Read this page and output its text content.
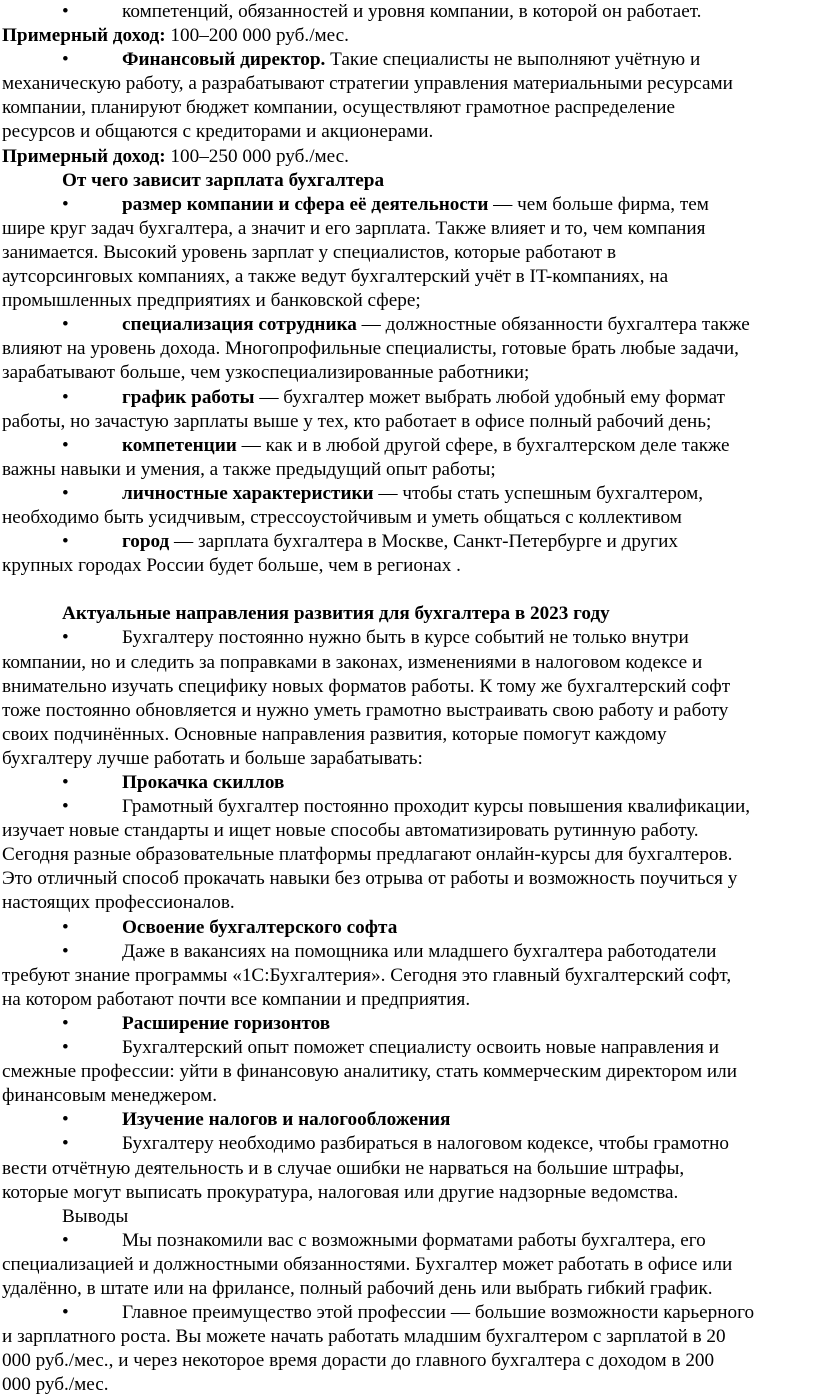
•	компетенций, обязанностей и уровня компании, в которой он работает.
Примерный доход: 100–200 000 руб./мес.
•	Финансовый директор. Такие специалисты не выполняют учётную и
механическую работу, а разрабатывают стратегии управления материальными ресурсами
компании, планируют бюджет компании, осуществляют грамотное распределение
ресурсов и общаются с кредиторами и акционерами.
Примерный доход: 100–250 000 руб./мес.
От чего зависит зарплата бухгалтера
•	размер компании и сфера её деятельности — чем больше фирма, тем
шире круг задач бухгалтера, а значит и его зарплата. Также влияет и то, чем компания
занимается. Высокий уровень зарплат у специалистов, которые работают в
аутсорсинговых компаниях, а также ведут бухгалтерский учёт в IT-компаниях, на
промышленных предприятиях и банковской сфере;
•	специализация сотрудника — должностные обязанности бухгалтера также
влияют на уровень дохода. Многопрофильные специалисты, готовые брать любые задачи,
зарабатывают больше, чем узкоспециализированные работники;
•	график работы — бухгалтер может выбрать любой удобный ему формат
работы, но зачастую зарплаты выше у тех, кто работает в офисе полный рабочий день;
•	компетенции — как и в любой другой сфере, в бухгалтерском деле также
важны навыки и умения, а также предыдущий опыт работы;
•	личностные характеристики — чтобы стать успешным бухгалтером,
необходимо быть усидчивым, стрессоустойчивым и уметь общаться с коллективом
•	город — зарплата бухгалтера в Москве, Санкт-Петербурге и других
крупных городах России будет больше, чем в регионах .
Актуальные направления развития для бухгалтера в 2023 году
•	Бухгалтеру постоянно нужно быть в курсе событий не только внутри
компании, но и следить за поправками в законах, изменениями в налоговом кодексе и
внимательно изучать специфику новых форматов работы. К тому же бухгалтерский софт
тоже постоянно обновляется и нужно уметь грамотно выстраивать свою работу и работу
своих подчинённых. Основные направления развития, которые помогут каждому
бухгалтеру лучше работать и больше зарабатывать:
•	Прокачка скиллов
•	Грамотный бухгалтер постоянно проходит курсы повышения квалификации,
изучает новые стандарты и ищет новые способы автоматизировать рутинную работу.
Сегодня разные образовательные платформы предлагают онлайн-курсы для бухгалтеров.
Это отличный способ прокачать навыки без отрыва от работы и возможность поучиться у
настоящих профессионалов.
•	Освоение бухгалтерского софта
•	Даже в вакансиях на помощника или младшего бухгалтера работодатели
требуют знание программы «1С:Бухгалтерия». Сегодня это главный бухгалтерский софт,
на котором работают почти все компании и предприятия.
•	Расширение горизонтов
•	Бухгалтерский опыт поможет специалисту освоить новые направления и
смежные профессии: уйти в финансовую аналитику, стать коммерческим директором или
финансовым менеджером.
•	Изучение налогов и налогообложения
•	Бухгалтеру необходимо разбираться в налоговом кодексе, чтобы грамотно
вести отчётную деятельность и в случае ошибки не нарваться на большие штрафы,
которые могут выписать прокуратура, налоговая или другие надзорные ведомства.
Выводы
•	Мы познакомили вас с возможными форматами работы бухгалтера, его
специализацией и должностными обязанностями. Бухгалтер может работать в офисе или
удалённо, в штате или на фрилансе, полный рабочий день или выбрать гибкий график.
•	Главное преимущество этой профессии — большие возможности карьерного
и зарплатного роста. Вы можете начать работать младшим бухгалтером с зарплатой в 20
000 руб./мес., и через некоторое время дорасти до главного бухгалтера с доходом в 200
000 руб./мес.
